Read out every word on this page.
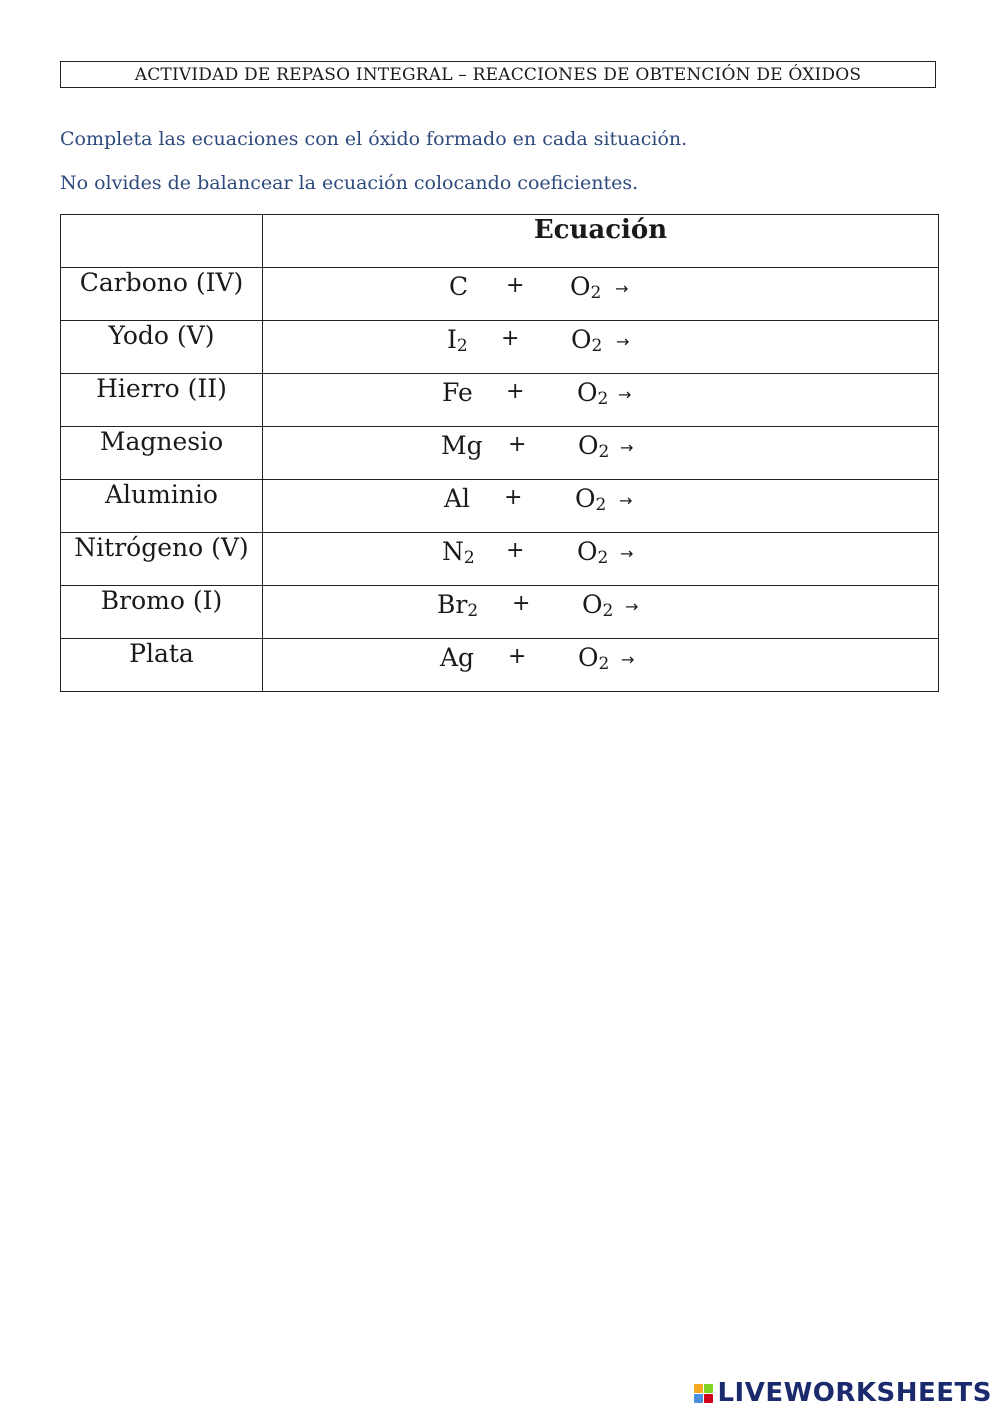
ACTIVIDAD DE REPASO INTEGRAL – REACCIONES DE OBTENCIÓN DE ÓXIDOS
Completa las ecuaciones con el óxido formado en cada situación.
No olvides de balancear la ecuación colocando coeficientes.
	Ecuación
Carbono (IV)	$C + O_2$ →

Yodo (V)	$I_2 + O_2$ →

Hierro (II)	$Fe + O_2$ →

Magnesio	$Mg + O_2$ →

Aluminio	$Al + O_2$ →

Nitrógeno (V)	$N_2 + O_2$ →

Bromo (I)	$Br_2 + O_2$ →

Plata	$Ag + O_2$ →
LIVEWORKSHEETS
